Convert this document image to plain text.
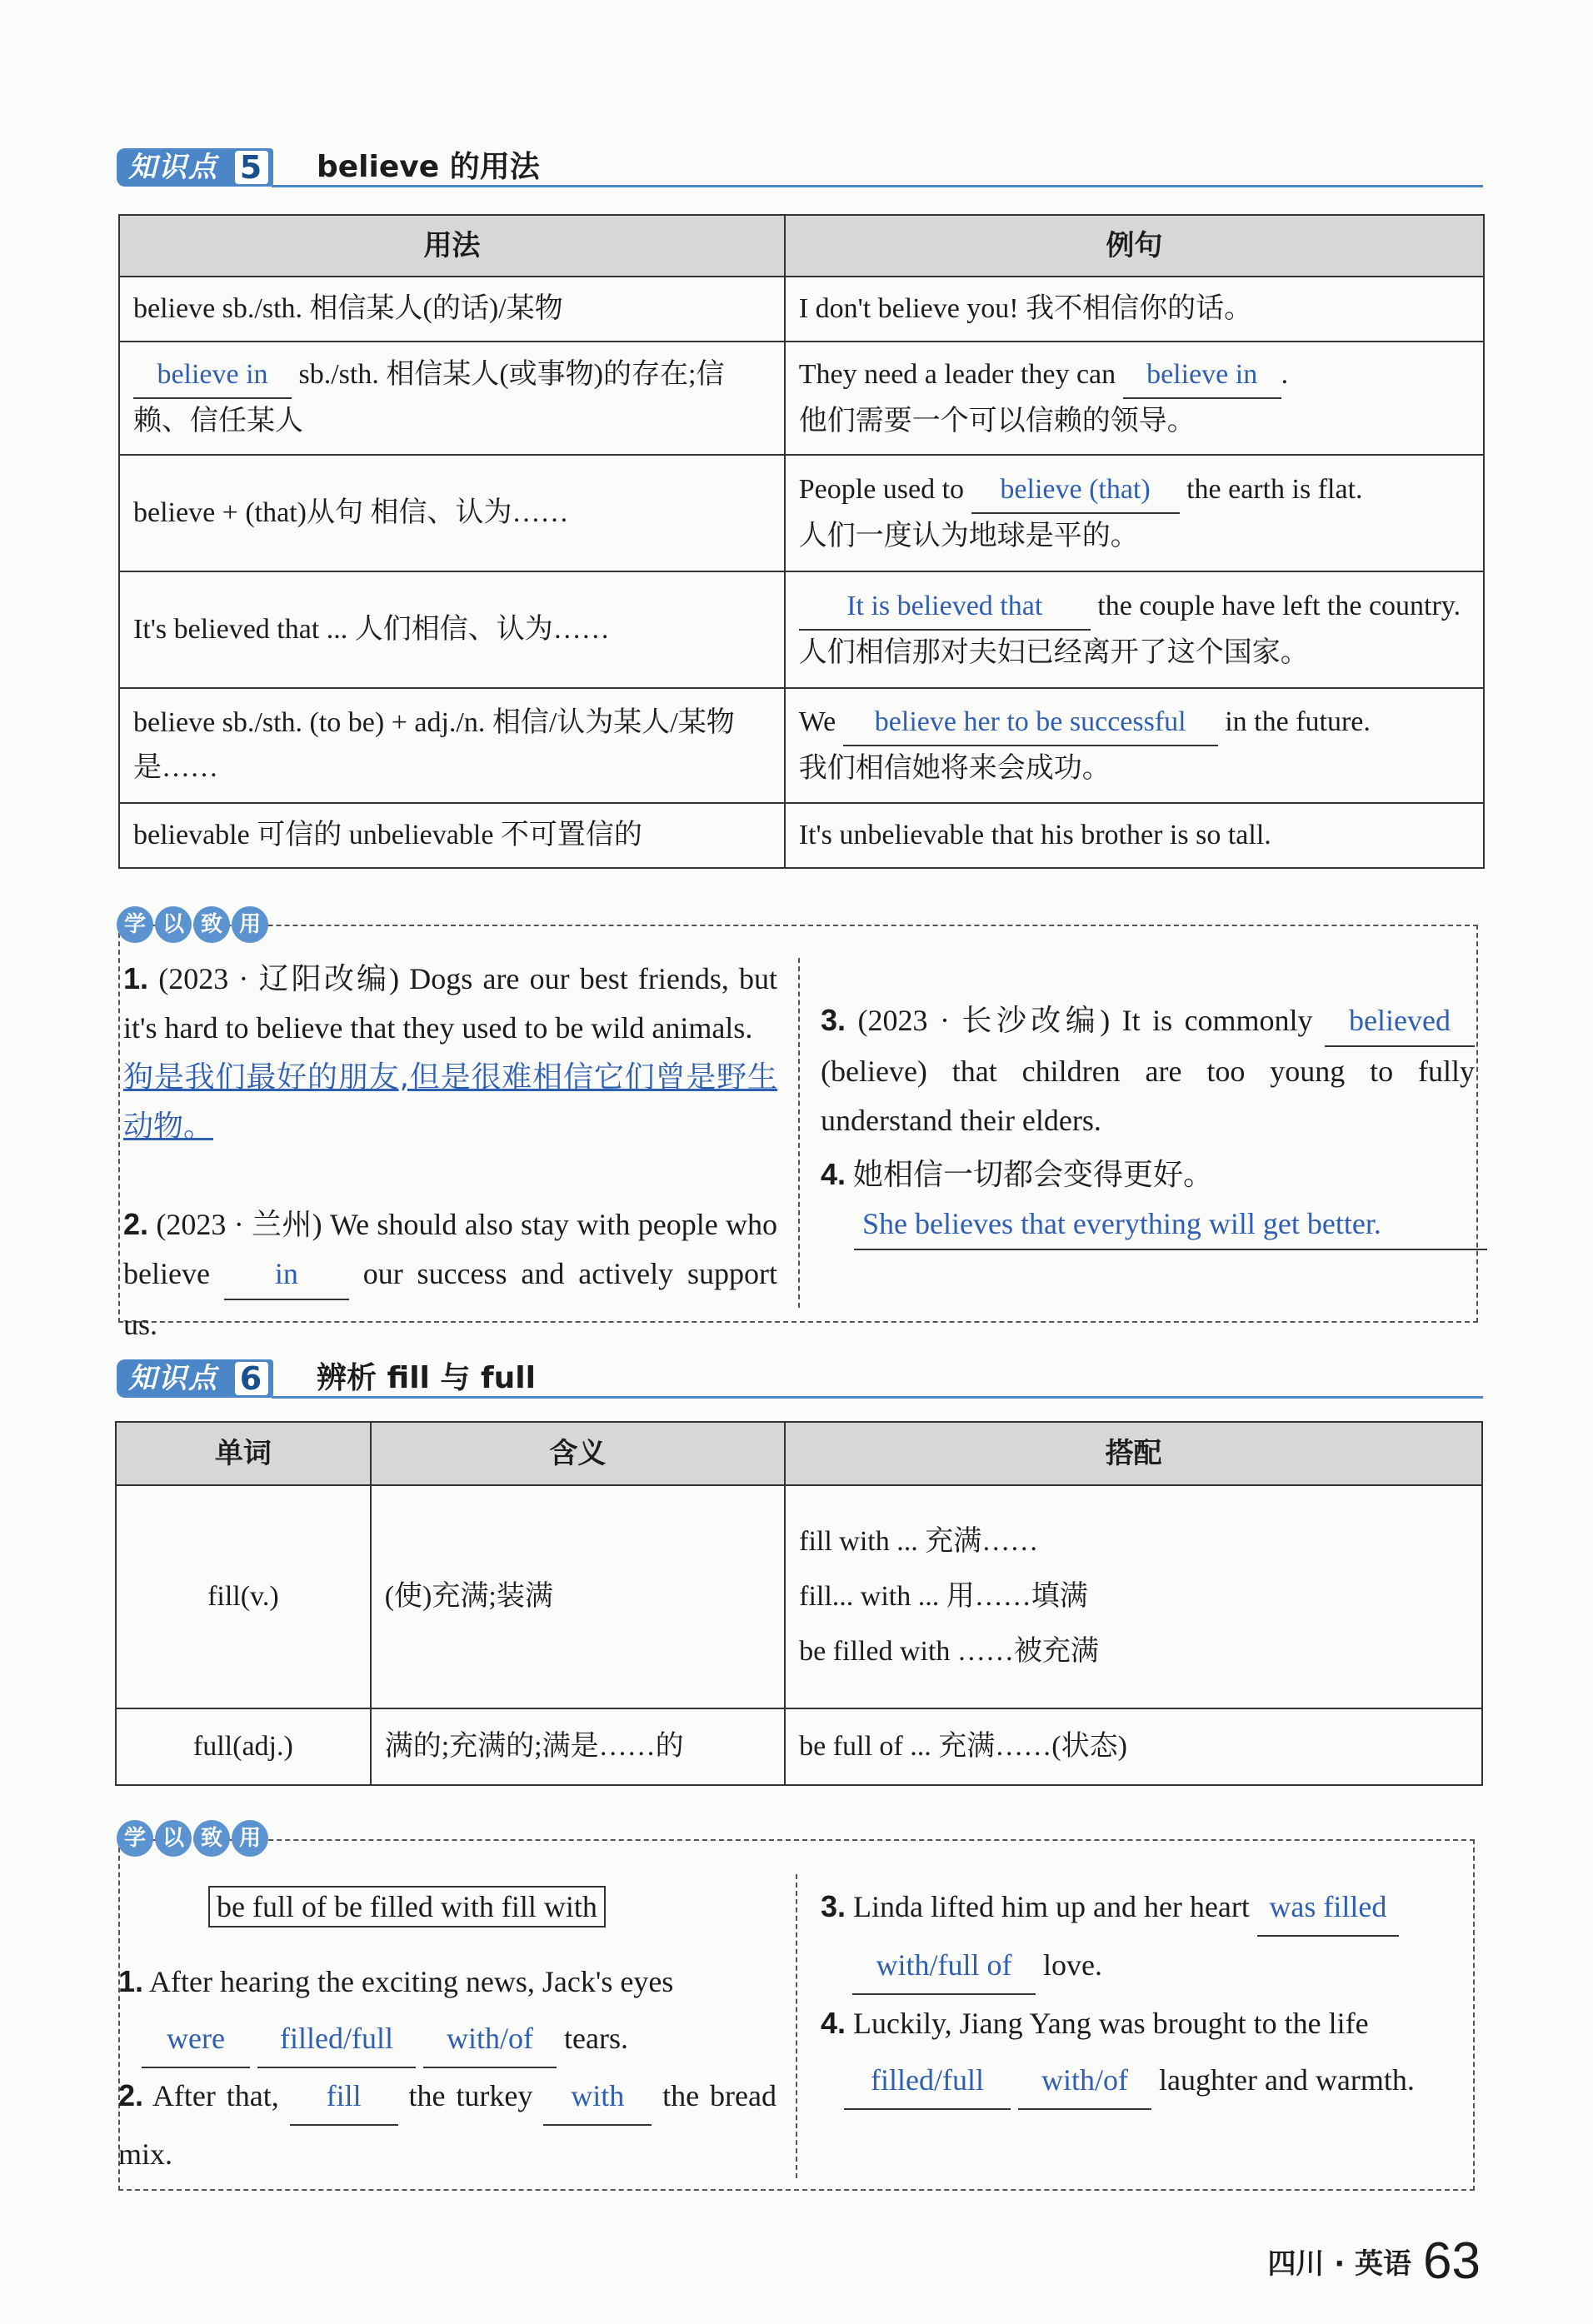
知识点 5 believe 的用法
用法	例句
believe sb./sth. 相信某人(的话)/某物	I don't believe you! 我不相信你的话。
believe in sb./sth. 相信某人(或事物)的存在;信赖、信任某人	They need a leader they can believe in .
他们需要一个可以信赖的领导。
believe + (that)从句 相信、认为……	People used to believe (that) the earth is flat.
人们一度认为地球是平的。
It's believed that ... 人们相信、认为……	It is believed that the couple have left the country. 人们相信那对夫妇已经离开了这个国家。
believe sb./sth. (to be) + adj./n. 相信/认为某人/某物是……	We believe her to be successful in the future.
我们相信她将来会成功。
believable 可信的 unbelievable 不可置信的	It's unbelievable that his brother is so tall.
学 以 致 用
1. (2023 · 辽阳改编) Dogs are our best friends, but it's hard to believe that they used to be wild animals.
狗是我们最好的朋友,但是很难相信它们曾是野生动物。
2. (2023 · 兰州) We should also stay with people who believe in our success and actively support us.
3. (2023 · 长沙改编) It is commonly believed (believe) that children are too young to fully understand their elders.
4. 她相信一切都会变得更好。
She believes that everything will get better.
知识点 6 辨析 fill 与 full
单词	含义	搭配
fill(v.)	(使)充满;装满	fill with ... 充满……
fill... with ... 用……填满
be filled with ……被充满
full(adj.)	满的;充满的;满是……的	be full of ... 充满……(状态)
学 以 致 用
be full of be filled with fill with
1. After hearing the exciting news, Jack's eyes
were filled/full with/of tears.
2. After that, fill the turkey with the bread mix.
3. Linda lifted him up and her heart was filled
with/full of love.
4. Luckily, Jiang Yang was brought to the life
filled/full with/of laughter and warmth.
四川 · 英语 63
